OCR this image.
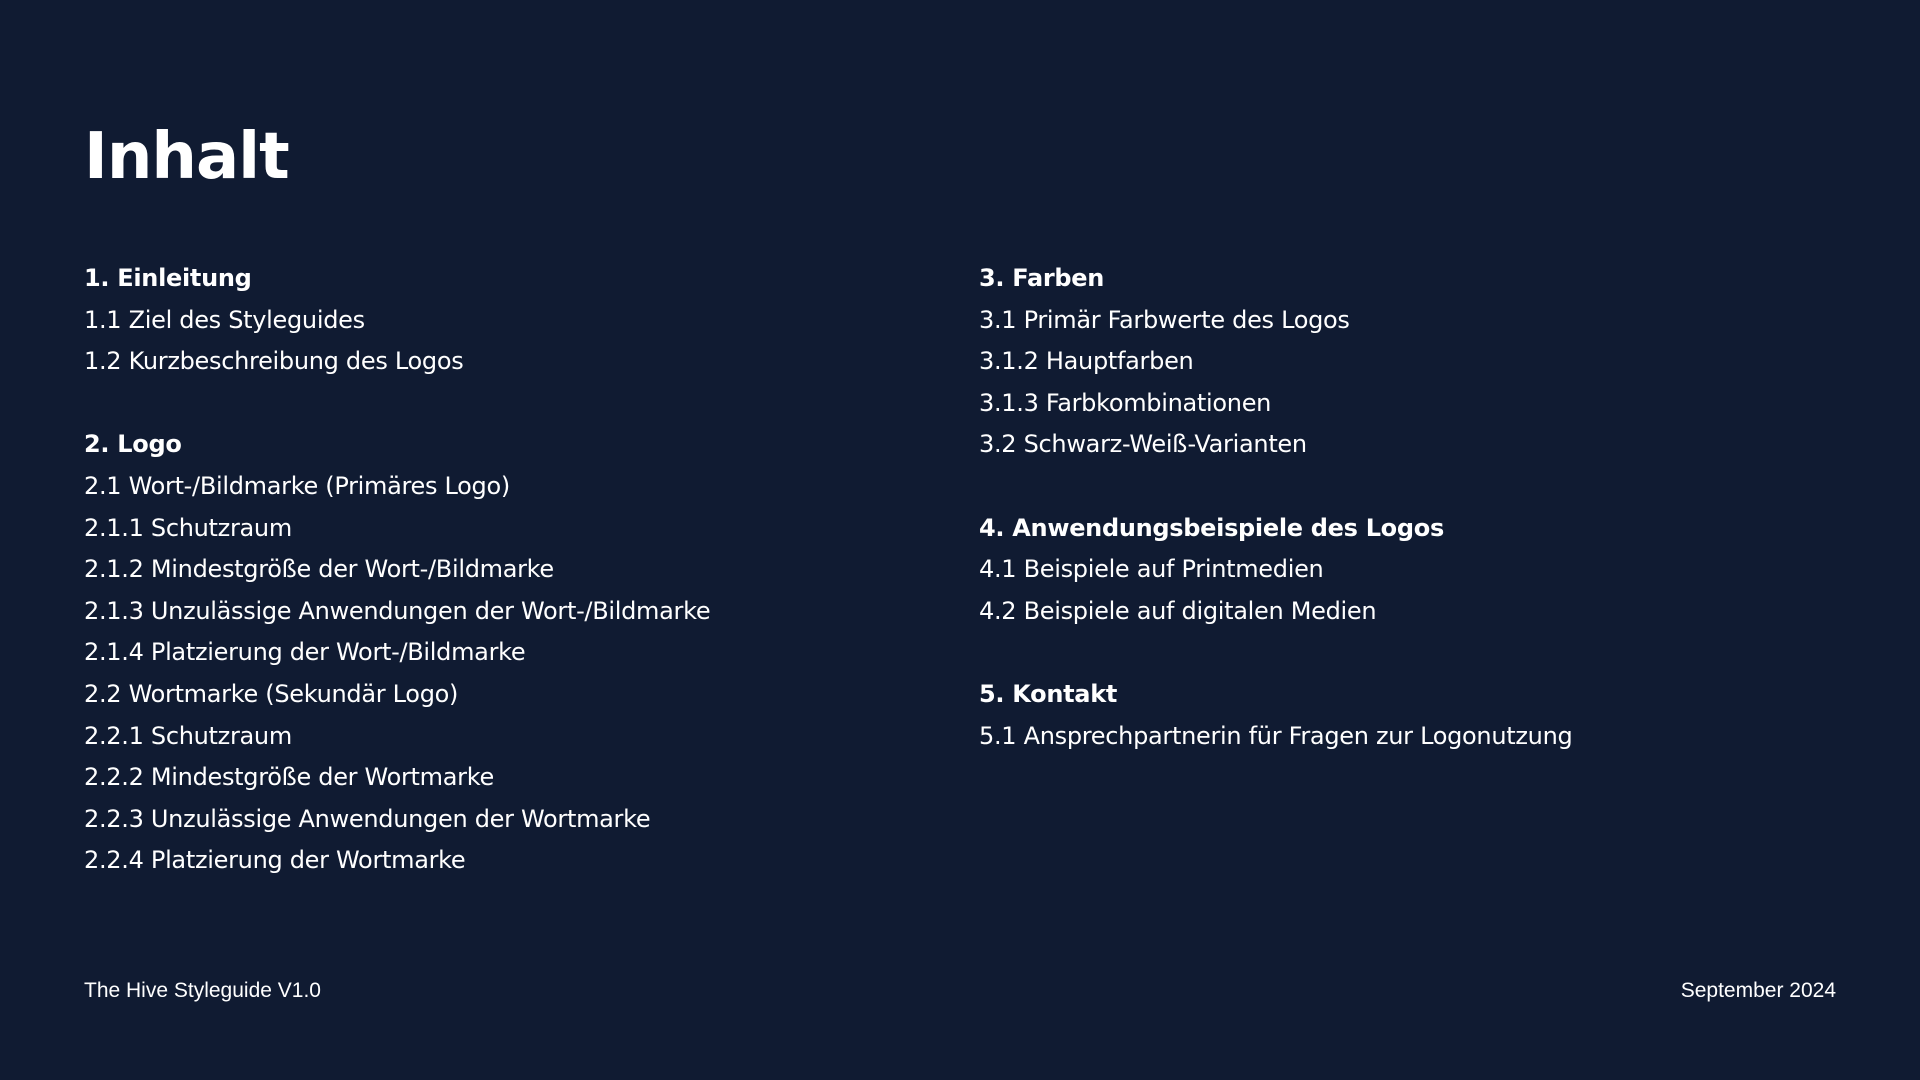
Inhalt
1. Einleitung
1.1 Ziel des Styleguides
1.2 Kurzbeschreibung des Logos
2. Logo
2.1 Wort-/Bildmarke (Primäres Logo)
2.1.1 Schutzraum
2.1.2 Mindestgröße der Wort-/Bildmarke
2.1.3 Unzulässige Anwendungen der Wort-/Bildmarke
2.1.4 Platzierung der Wort-/Bildmarke
2.2 Wortmarke (Sekundär Logo)
2.2.1 Schutzraum
2.2.2 Mindestgröße der Wortmarke
2.2.3 Unzulässige Anwendungen der Wortmarke
2.2.4 Platzierung der Wortmarke
3. Farben
3.1 Primär Farbwerte des Logos
3.1.2 Hauptfarben
3.1.3 Farbkombinationen
3.2 Schwarz-Weiß-Varianten
4. Anwendungsbeispiele des Logos
4.1 Beispiele auf Printmedien
4.2 Beispiele auf digitalen Medien
5. Kontakt
5.1 Ansprechpartnerin für Fragen zur Logonutzung
The Hive Styleguide V1.0	September 2024
